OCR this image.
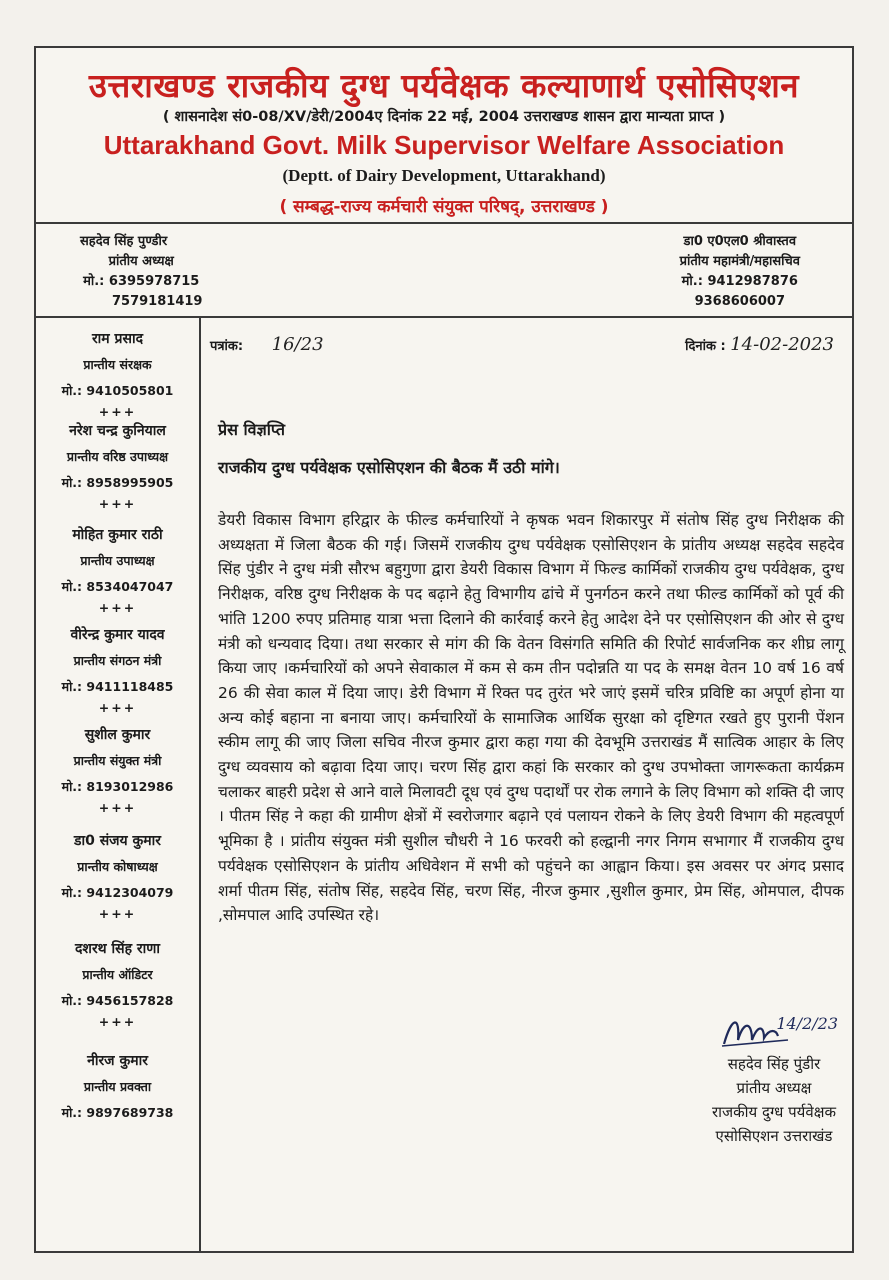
उत्तराखण्ड राजकीय दुग्ध पर्यवेक्षक कल्याणार्थ एसोसिएशन
( शासनादेश सं0-08/XV/डेरी/2004ए दिनांक 22 मई, 2004 उत्तराखण्ड शासन द्वारा मान्यता प्राप्त )
Uttarakhand Govt. Milk Supervisor Welfare Association
(Deptt. of Dairy Development, Uttarakhand)
( सम्बद्ध-राज्य कर्मचारी संयुक्त परिषद्, उत्तराखण्ड )
सहदेव सिंह पुण्डीर
प्रांतीय अध्यक्ष
मो.: 6395978715
7579181419
डा0 ए0एल0 श्रीवास्तव
प्रांतीय महामंत्री/महासचिव
मो.: 9412987876
9368606007
राम प्रसाद
प्रान्तीय संरक्षक
मो.: 9410505801
+++
नरेश चन्द्र कुनियाल
प्रान्तीय वरिष्ठ उपाध्यक्ष
मो.: 8958995905
+++
मोहित कुमार राठी
प्रान्तीय उपाध्यक्ष
मो.: 8534047047
+++
वीरेन्द्र कुमार यादव
प्रान्तीय संगठन मंत्री
मो.: 9411118485
+++
सुशील कुमार
प्रान्तीय संयुक्त मंत्री
मो.: 8193012986
+++
डा0 संजय कुमार
प्रान्तीय कोषाध्यक्ष
मो.: 9412304079
+++
दशरथ सिंह राणा
प्रान्तीय ऑडिटर
मो.: 9456157828
+++
नीरज कुमार
प्रान्तीय प्रवक्ता
मो.: 9897689738
पत्रांक: 16/23	दिनांक : 14-02-2023
प्रेस विज्ञप्ति
राजकीय दुग्ध पर्यवेक्षक एसोसिएशन की बैठक मैं उठी मांगे।
डेयरी विकास विभाग हरिद्वार के फील्ड कर्मचारियों ने कृषक भवन शिकारपुर में संतोष सिंह दुग्ध निरीक्षक की अध्यक्षता में जिला बैठक की गई। जिसमें राजकीय दुग्ध पर्यवेक्षक एसोसिएशन के प्रांतीय अध्यक्ष सहदेव सहदेव सिंह पुंडीर ने दुग्ध मंत्री सौरभ बहुगुणा द्वारा डेयरी विकास विभाग में फिल्ड कार्मिकों राजकीय दुग्ध पर्यवेक्षक, दुग्ध निरीक्षक, वरिष्ठ दुग्ध निरीक्षक के पद बढ़ाने हेतु विभागीय ढांचे में पुनर्गठन करने तथा फील्ड कार्मिकों को पूर्व की भांति 1200 रुपए प्रतिमाह यात्रा भत्ता दिलाने की कार्रवाई करने हेतु आदेश देने पर एसोसिएशन की ओर से दुग्ध मंत्री को धन्यवाद दिया। तथा सरकार से मांग की कि वेतन विसंगति समिति की रिपोर्ट सार्वजनिक कर शीघ्र लागू किया जाए ।कर्मचारियों को अपने सेवाकाल में कम से कम तीन पदोन्नति या पद के समक्ष वेतन 10 वर्ष 16 वर्ष 26 की सेवा काल में दिया जाए। डेरी विभाग में रिक्त पद तुरंत भरे जाएं इसमें चरित्र प्रविष्टि का अपूर्ण होना या अन्य कोई बहाना ना बनाया जाए। कर्मचारियों के सामाजिक आर्थिक सुरक्षा को दृष्टिगत रखते हुए पुरानी पेंशन स्कीम लागू की जाए जिला सचिव नीरज कुमार द्वारा कहा गया की देवभूमि उत्तराखंड मैं सात्विक आहार के लिए दुग्ध व्यवसाय को बढ़ावा दिया जाए। चरण सिंह द्वारा कहां कि सरकार को दुग्ध उपभोक्ता जागरूकता कार्यक्रम चलाकर बाहरी प्रदेश से आने वाले मिलावटी दूध एवं दुग्ध पदार्थों पर रोक लगाने के लिए विभाग को शक्ति दी जाए । पीतम सिंह ने कहा की ग्रामीण क्षेत्रों में स्वरोजगार बढ़ाने एवं पलायन रोकने के लिए डेयरी विभाग की महत्वपूर्ण भूमिका है । प्रांतीय संयुक्त मंत्री सुशील चौधरी ने 16 फरवरी को हल्द्वानी नगर निगम सभागार मैं राजकीय दुग्ध पर्यवेक्षक एसोसिएशन के प्रांतीय अधिवेशन में सभी को पहुंचने का आह्वान किया। इस अवसर पर अंगद प्रसाद शर्मा पीतम सिंह, संतोष सिंह, सहदेव सिंह, चरण सिंह, नीरज कुमार ,सुशील कुमार, प्रेम सिंह, ओमपाल, दीपक ,सोमपाल आदि उपस्थित रहे।
14/2/23
सहदेव सिंह पुंडीर
प्रांतीय अध्यक्ष
राजकीय दुग्ध पर्यवेक्षक
एसोसिएशन उत्तराखंड
